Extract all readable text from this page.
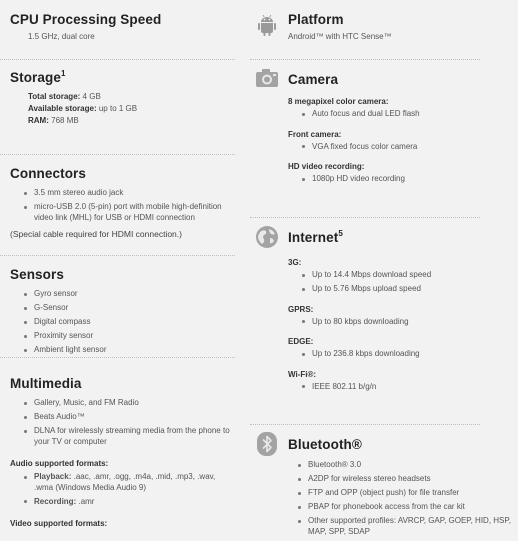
CPU Processing Speed
1.5 GHz, dual core
Storage$^1$
Total storage: 4 GB
Available storage: up to 1 GB
RAM: 768 MB
Connectors
3.5 mm stereo audio jack
micro-USB 2.0 (5-pin) port with mobile high-definition video link (MHL) for USB or HDMI connection
(Special cable required for HDMI connection.)
Sensors
Gyro sensor
G-Sensor
Digital compass
Proximity sensor
Ambient light sensor
Multimedia
Gallery, Music, and FM Radio
Beats Audio™
DLNA for wirelessly streaming media from the phone to your TV or computer
Audio supported formats:
Playback: .aac, .amr, .ogg, .m4a, .mid, .mp3, .wav, .wma (Windows Media Audio 9)
Recording: .amr
Video supported formats:
Platform
Android™ with HTC Sense™
Camera
8 megapixel color camera:
Auto focus and dual LED flash
Front camera:
VGA fixed focus color camera
HD video recording:
1080p HD video recording
Internet$^5$
3G:
Up to 14.4 Mbps download speed
Up to 5.76 Mbps upload speed
GPRS:
Up to 80 kbps downloading
EDGE:
Up to 236.8 kbps downloading
Wi-Fi®:
IEEE 802.11 b/g/n
Bluetooth®
Bluetooth® 3.0
A2DP for wireless stereo headsets
FTP and OPP (object push) for file transfer
PBAP for phonebook access from the car kit
Other supported profiles: AVRCP, GAP, GOEP, HID, HSP, MAP, SPP, SDAP
